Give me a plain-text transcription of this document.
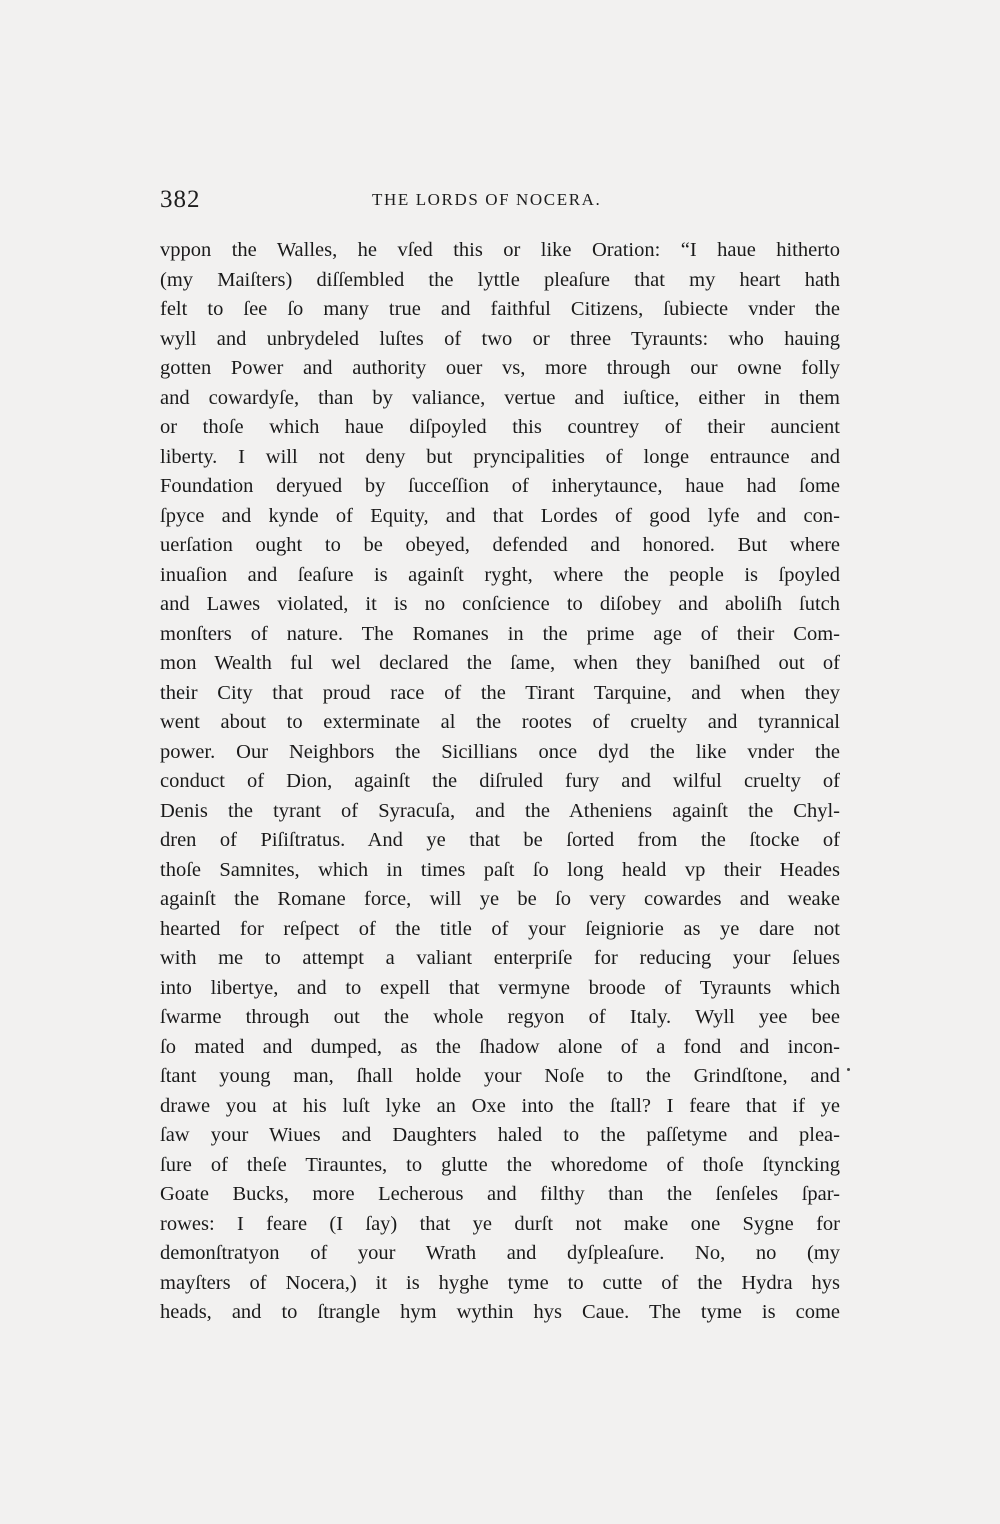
382	THE LORDS OF NOCERA.
vppon the Walles, he vſed this or like Oration: “I haue hitherto
(my Maiſters) diſſembled the lyttle pleaſure that my heart hath
felt to ſee ſo many true and faithful Citizens, ſubiecte vnder the
wyll and unbrydeled luſtes of two or three Tyraunts: who hauing
gotten Power and authority ouer vs, more through our owne folly
and cowardyſe, than by valiance, vertue and iuſtice, either in them
or thoſe which haue diſpoyled this countrey of their auncient
liberty. I will not deny but pryncipalities of longe entraunce and
Foundation deryued by ſucceſſion of inherytaunce, haue had ſome
ſpyce and kynde of Equity, and that Lordes of good lyfe and con-
uerſation ought to be obeyed, defended and honored. But where
inuaſion and ſeaſure is againſt ryght, where the people is ſpoyled
and Lawes violated, it is no conſcience to diſobey and aboliſh ſutch
monſters of nature. The Romanes in the prime age of their Com-
mon Wealth ful wel declared the ſame, when they baniſhed out of
their City that proud race of the Tirant Tarquine, and when they
went about to exterminate al the rootes of cruelty and tyrannical
power. Our Neighbors the Sicillians once dyd the like vnder the
conduct of Dion, againſt the diſruled fury and wilful cruelty of
Denis the tyrant of Syracuſa, and the Atheniens againſt the Chyl-
dren of Piſiſtratus. And ye that be ſorted from the ſtocke of
thoſe Samnites, which in times paſt ſo long heald vp their Heades
againſt the Romane force, will ye be ſo very cowardes and weake
hearted for reſpect of the title of your ſeigniorie as ye dare not
with me to attempt a valiant enterpriſe for reducing your ſelues
into libertye, and to expell that vermyne broode of Tyraunts which
ſwarme through out the whole regyon of Italy. Wyll yee bee
ſo mated and dumped, as the ſhadow alone of a fond and incon-
ſtant young man, ſhall holde your Noſe to the Grindſtone, and
drawe you at his luſt lyke an Oxe into the ſtall? I feare that if ye
ſaw your Wiues and Daughters haled to the paſſetyme and plea-
ſure of theſe Tirauntes, to glutte the whoredome of thoſe ſtyncking
Goate Bucks, more Lecherous and filthy than the ſenſeles ſpar-
rowes: I feare (I ſay) that ye durſt not make one Sygne for
demonſtratyon of your Wrath and dyſpleaſure. No, no (my
mayſters of Nocera,) it is hyghe tyme to cutte of the Hydra hys
heads, and to ſtrangle hym wythin hys Caue. The tyme is come
